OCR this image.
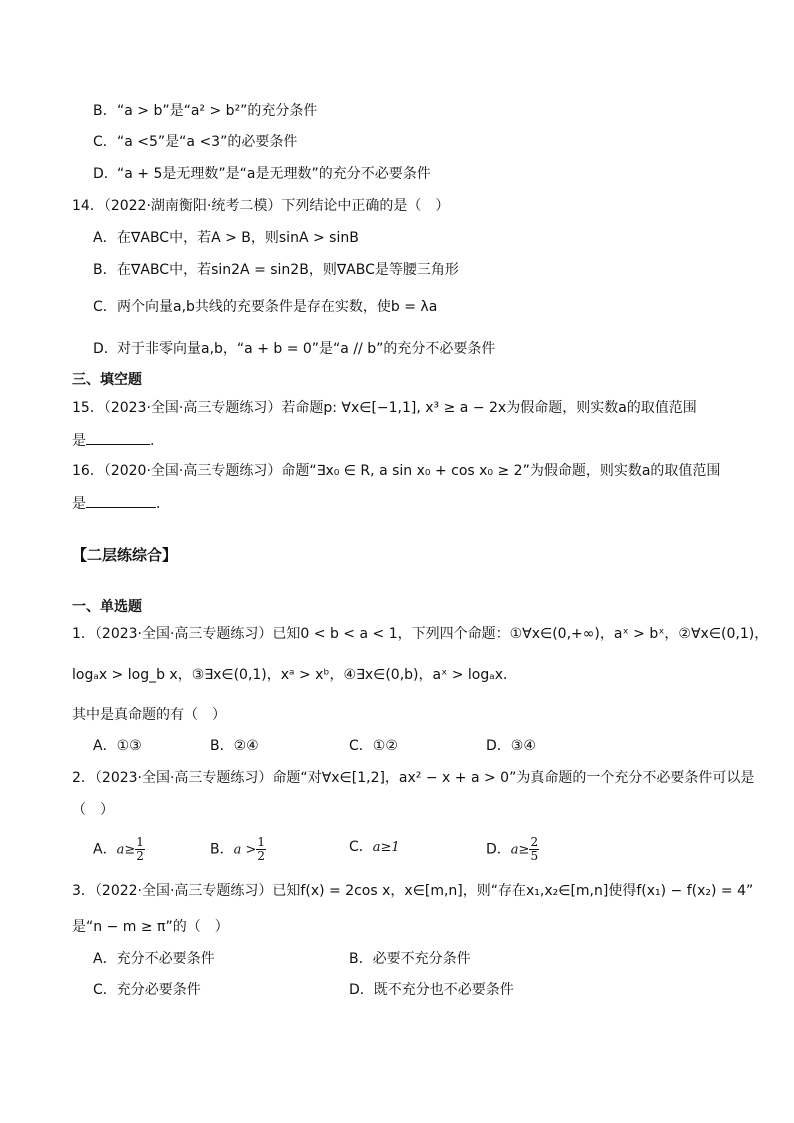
B． “a > b”是“a² > b²”的充分条件
C． “a <5”是“a <3”的必要条件
D． “a + 5是无理数”是“a是无理数”的充分不必要条件
14．（2022·湖南衡阳·统考二模）下列结论中正确的是（　）
A． 在∇ABC中，若A > B，则sinA > sinB
B． 在∇ABC中，若sin2A = sin2B，则∇ABC是等腰三角形
C． 两个向量a,b共线的充要条件是存在实数，使b = λa
D． 对于非零向量a,b，“a + b = 0”是“a // b”的充分不必要条件
三、填空题
15．（2023·全国·高三专题练习）若命题p: ∀x∈[−1,1], x³ ≥ a − 2x为假命题，则实数a的取值范围
是	.
16．（2020·全国·高三专题练习）命题“∃x₀ ∈ R, a sin x₀ + cos x₀ ≥ 2”为假命题，则实数a的取值范围
是	．
【二层练综合】
一、单选题
1．（2023·全国·高三专题练习）已知0 < b < a < 1，下列四个命题：①∀x∈(0,+∞)，aˣ > bˣ，②∀x∈(0,1)，
logₐx > log_b x，③∃x∈(0,1)，xᵃ > xᵇ，④∃x∈(0,b)，aˣ > logₐx．
其中是真命题的有（　）
A．①③	B．②④	C．①②	D．③④
2．（2023·全国·高三专题练习）命题“对∀x∈[1,2]，ax² − x + a > 0”为真命题的一个充分不必要条件可以是
（　）
A．$a\ge \frac{1}{2}$	B．$a > \frac{1}{2}$	C．a≥1	D．$a\ge \frac{2}{5}$
3．（2022·全国·高三专题练习）已知f(x) = 2cos x，x∈[m,n]，则“存在x₁,x₂∈[m,n]使得f(x₁) − f(x₂) = 4”
是“n − m ≥ π”的（　）
A．充分不必要条件	B．必要不充分条件
C．充分必要条件	D．既不充分也不必要条件
